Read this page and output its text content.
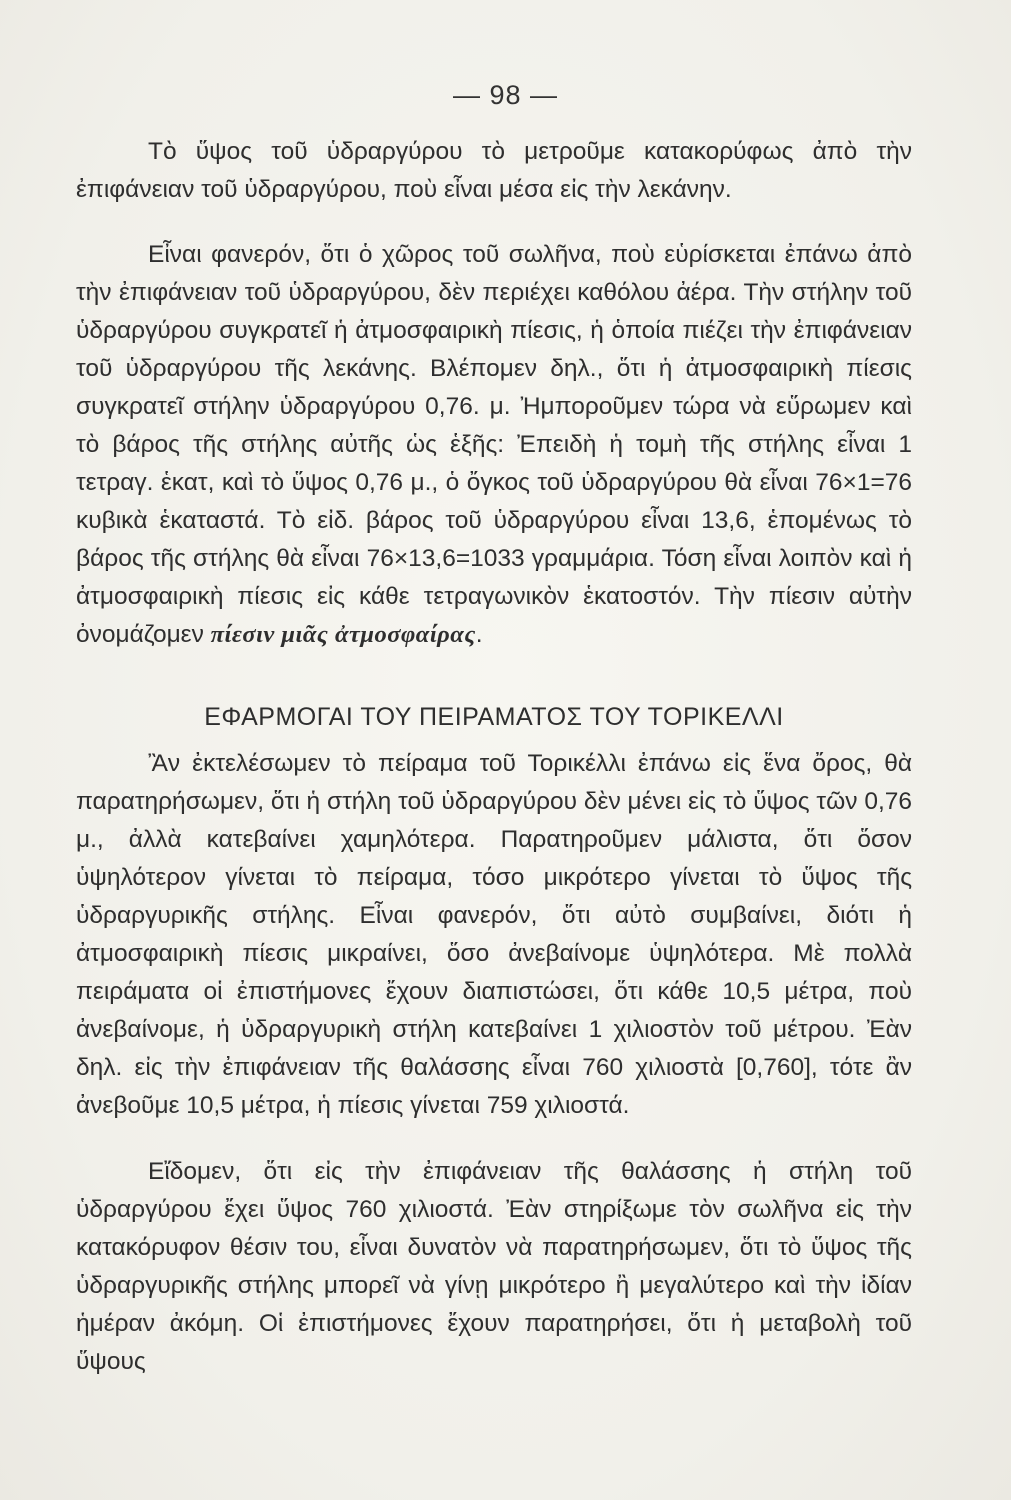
— 98 —

Τὸ ὕψος τοῦ ὑδραργύρου τὸ μετροῦμε κατακορύφως ἀπὸ τὴν ἐπιφάνειαν τοῦ ὑδραργύρου, ποὺ εἶναι μέσα εἰς τὴν λεκάνην.

Εἶναι φανερόν, ὅτι ὁ χῶρος τοῦ σωλῆνα, ποὺ εὑρίσκεται ἐπάνω ἀπὸ τὴν ἐπιφάνειαν τοῦ ὑδραργύρου, δὲν περιέχει καθόλου ἀέρα. Τὴν στήλην τοῦ ὑδραργύρου συγκρατεῖ ἡ ἀτμοσφαιρικὴ πίεσις, ἡ ὁποία πιέζει τὴν ἐπιφάνειαν τοῦ ὑδραργύρου τῆς λεκάνης. Βλέπομεν δηλ., ὅτι ἡ ἀτμοσφαιρικὴ πίεσις συγκρατεῖ στήλην ὑδραργύρου 0,76. μ. Ἠμποροῦμεν τώρα νὰ εὕρωμεν καὶ τὸ βάρος τῆς στήλης αὐτῆς ὡς ἑξῆς: Ἐπειδὴ ἡ τομὴ τῆς στήλης εἶναι 1 τετραγ. ἑκατ, καὶ τὸ ὕψος 0,76 μ., ὁ ὄγκος τοῦ ὑδραργύρου θὰ εἶναι 76×1=76 κυβικὰ ἑκαταστά. Τὸ εἰδ. βάρος τοῦ ὑδραργύρου εἶναι 13,6, ἑπομένως τὸ βάρος τῆς στήλης θὰ εἶναι 76×13,6=1033 γραμμάρια. Τόση εἶναι λοιπὸν καὶ ἡ ἀτμοσφαιρικὴ πίεσις εἰς κάθε τετραγωνικὸν ἑκατοστόν. Τὴν πίεσιν αὐτὴν ὀνομάζομεν πίεσιν μιᾶς ἀτμοσφαίρας.

ΕΦΑΡΜΟΓΑΙ ΤΟΥ ΠΕΙΡΑΜΑΤΟΣ ΤΟΥ ΤΟΡΙΚΕΛΛΙ

Ἂν ἐκτελέσωμεν τὸ πείραμα τοῦ Τορικέλλι ἐπάνω εἰς ἕνα ὄρος, θὰ παρατηρήσωμεν, ὅτι ἡ στήλη τοῦ ὑδραργύρου δὲν μένει εἰς τὸ ὕψος τῶν 0,76 μ., ἀλλὰ κατεβαίνει χαμηλότερα. Παρατηροῦμεν μάλιστα, ὅτι ὅσον ὑψηλότερον γίνεται τὸ πείραμα, τόσο μικρότερο γίνεται τὸ ὕψος τῆς ὑδραργυρικῆς στήλης. Εἶναι φανερόν, ὅτι αὐτὸ συμβαίνει, διότι ἡ ἀτμοσφαιρικὴ πίεσις μικραίνει, ὅσο ἀνεβαίνομε ὑψηλότερα. Μὲ πολλὰ πειράματα οἱ ἐπιστήμονες ἔχουν διαπιστώσει, ὅτι κάθε 10,5 μέτρα, ποὺ ἀνεβαίνομε, ἡ ὑδραργυρικὴ στήλη κατεβαίνει 1 χιλιοστὸν τοῦ μέτρου. Ἐὰν δηλ. εἰς τὴν ἐπιφάνειαν τῆς θαλάσσης εἶναι 760 χιλιοστὰ [0,760], τότε ἂν ἀνεβοῦμε 10,5 μέτρα, ἡ πίεσις γίνεται 759 χιλιοστά.

Εἴδομεν, ὅτι εἰς τὴν ἐπιφάνειαν τῆς θαλάσσης ἡ στήλη τοῦ ὑδραργύρου ἔχει ὕψος 760 χιλιοστά. Ἐὰν στηρίξωμε τὸν σωλῆνα εἰς τὴν κατακόρυφον θέσιν του, εἶναι δυνατὸν νὰ παρατηρήσωμεν, ὅτι τὸ ὕψος τῆς ὑδραργυρικῆς στήλης μπορεῖ νὰ γίνῃ μικρότερο ἢ μεγαλύτερο καὶ τὴν ἰδίαν ἡμέραν ἀκόμη. Οἱ ἐπιστήμονες ἔχουν παρατηρήσει, ὅτι ἡ μεταβολὴ τοῦ ὕψους
